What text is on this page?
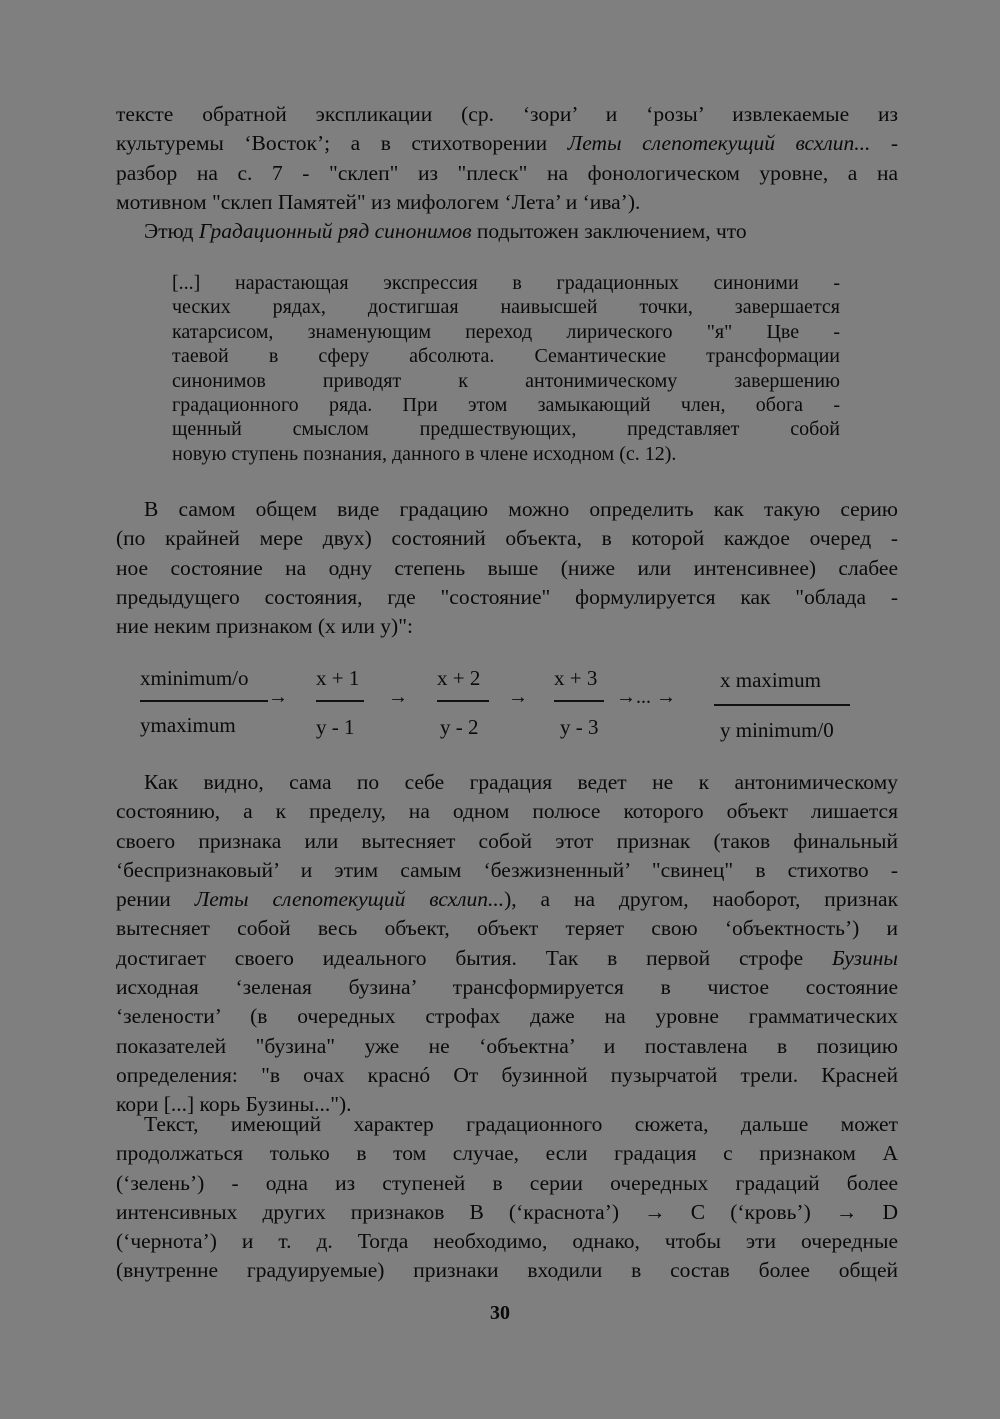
тексте обратной экспликации (ср. ‘зори’ и ‘розы’ извлекаемые из
культуремы ‘Восток’; а в стихотворении Леты слепотекущий всхлип... -
разбор на с. 7 - "склеп" из "плеск" на фонологическом уровне, а на
мотивном "склеп Памятей" из мифологем ‘Лета’ и ‘ива’).
Этюд Градационный ряд синонимов подытожен заключением, что
[...] нарастающая экспрессия в градационных синоними -
ческих рядах, достигшая наивысшей точки, завершается
катарсисом, знаменующим переход лирического "я" Цве -
таевой в сферу абсолюта. Семантические трансформации
синонимов приводят к антонимическому завершению
градационного ряда. При этом замыкающий член, обога -
щенный смыслом предшествующих, представляет собой
новую ступень познания, данного в члене исходном (с. 12).
В самом общем виде градацию можно определить как такую серию
(по крайней мере двух) состояний объекта, в которой каждое очеред -
ное состояние на одну степень выше (ниже или интенсивнее) слабее
предыдущего состояния, где "состояние" формулируется как "облада -
ние неким признаком (x или y)":
xminimum/o
ymaximum
→
x + 1
y - 1
→
x + 2
y - 2
→
x + 3
y - 3
→... →
x maximum
y minimum/0
Как видно, сама по себе градация ведет не к антонимическому
состоянию, а к пределу, на одном полюсе которого объект лишается
своего признака или вытесняет собой этот признак (таков финальный
‘беспризнаковый’ и этим самым ‘безжизненный’ "свинец" в стихотво -
рении Леты слепотекущий всхлип...), а на другом, наоборот, признак
вытесняет собой весь объект, объект теряет свою ‘объектность’) и
достигает своего идеального бытия. Так в первой строфе Бузины
исходная ‘зеленая бузина’ трансформируется в чистое состояние
‘зелености’ (в очередных строфах даже на уровне грамматических
показателей "бузина" уже не ‘объектна’ и поставлена в позицию
определения: "в очах краснó От бузинной пузырчатой трели. Красней
кори [...] корь Бузины...").
Текст, имеющий характер градационного сюжета, дальше может
продолжаться только в том случае, если градация с признаком A
(‘зелень’) - одна из ступеней в серии очередных градаций более
интенсивных других признаков B (‘краснота’) → C (‘кровь’) → D
(‘чернота’) и т. д. Тогда необходимо, однако, чтобы эти очередные
(внутренне градуируемые) признаки входили в состав более общей
30
